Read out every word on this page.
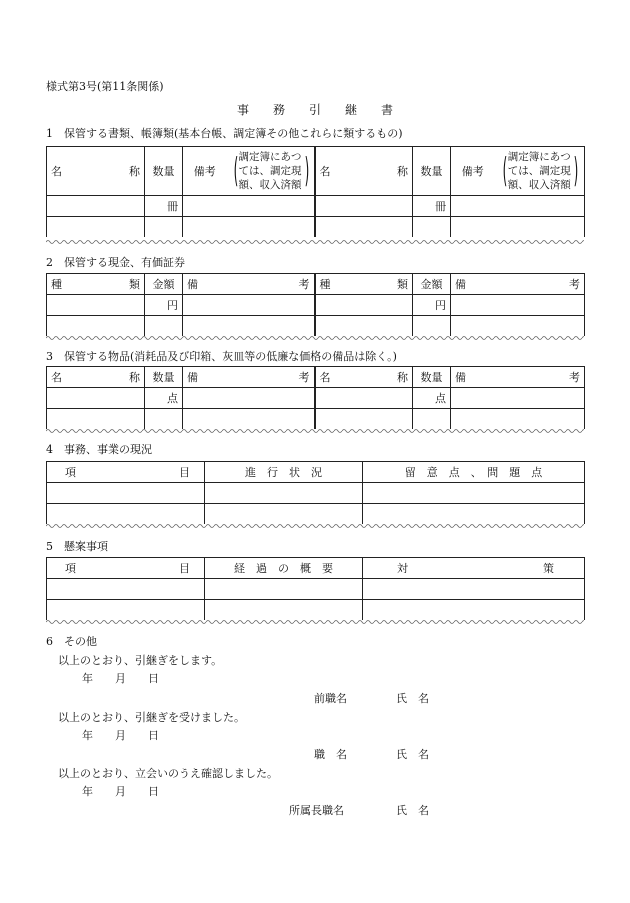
様式第3号(第11条関係)
事　　務　　引　　継　　書
1　保管する書類、帳簿類(基本台帳、調定簿その他これらに類するもの)
名 称	数量	備考	( 調定簿にあつ
ては、調定現
額、収入済額 )	名 称	数量	備考	( 調定簿にあつ
ては、調定現
額、収入済額 )

	冊				冊		

2　保管する現金、有価証券
種 類	金額	備 考	種 類	金額	備 考

	円			円	

3　保管する物品(消耗品及び印箱、灰皿等の低廉な価格の備品は除く。)
名 称	数量	備 考	名 称	数量	備 考

	点			点	

4　事務、事業の現況
項 目	進　行　状　況	留　意　点　、　問　題　点

5　懸案事項
項 目	経　過　の　概　要	対 策

6　その他
以上のとおり、引継ぎをします。
年　　月　　日
前職名	氏　名
以上のとおり、引継ぎを受けました。
年　　月　　日
職　名	氏　名
以上のとおり、立会いのうえ確認しました。
年　　月　　日
所属長職名	氏　名
